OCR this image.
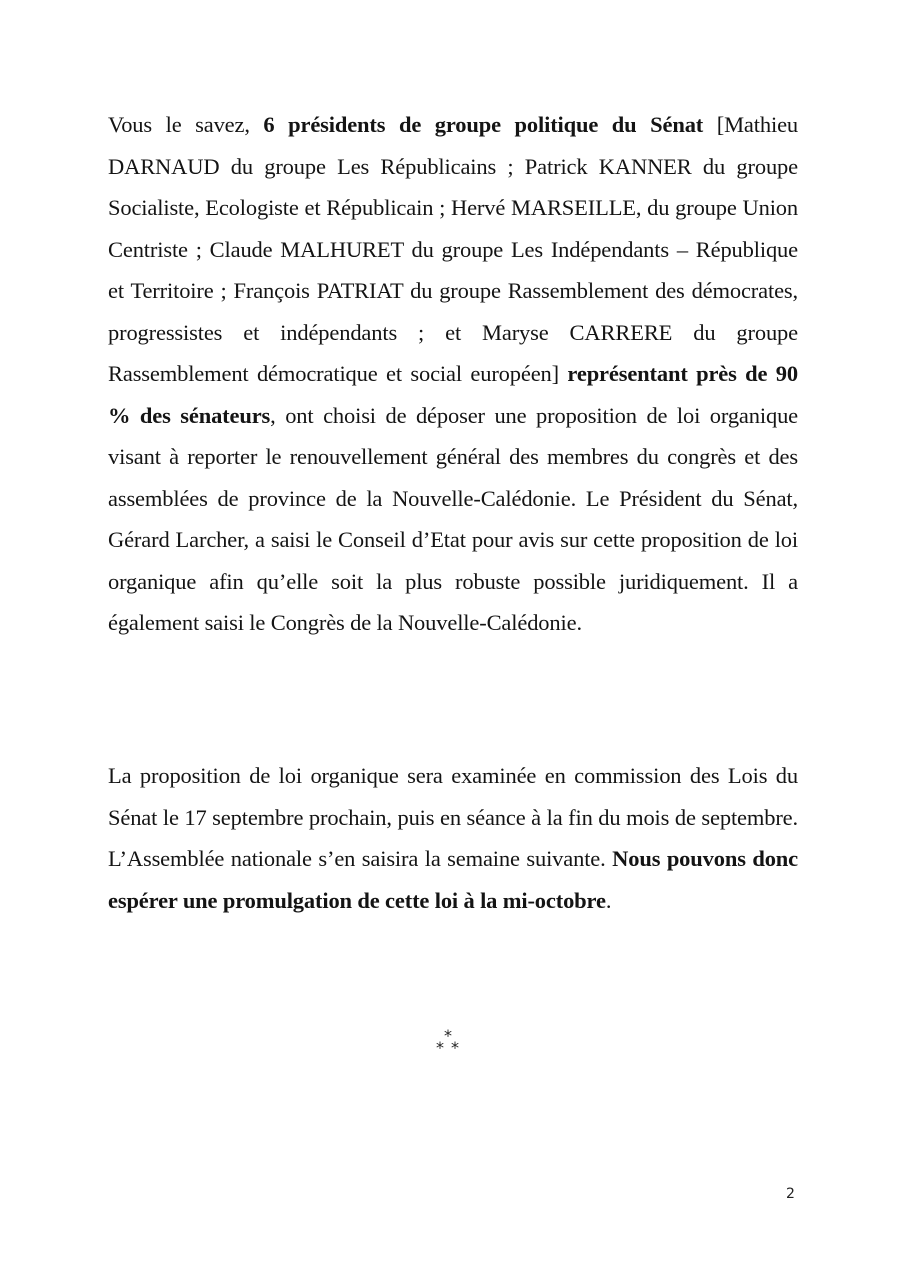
Vous le savez, 6 présidents de groupe politique du Sénat [Mathieu DARNAUD du groupe Les Républicains ; Patrick KANNER du groupe Socialiste, Ecologiste et Républicain ; Hervé MARSEILLE, du groupe Union Centriste ; Claude MALHURET du groupe Les Indépendants – République et Territoire ; François PATRIAT du groupe Rassemblement des démocrates, progressistes et indépendants ; et Maryse CARRERE du groupe Rassemblement démocratique et social européen] représentant près de 90 % des sénateurs, ont choisi de déposer une proposition de loi organique visant à reporter le renouvellement général des membres du congrès et des assemblées de province de la Nouvelle-Calédonie. Le Président du Sénat, Gérard Larcher, a saisi le Conseil d’Etat pour avis sur cette proposition de loi organique afin qu’elle soit la plus robuste possible juridiquement. Il a également saisi le Congrès de la Nouvelle-Calédonie.

La proposition de loi organique sera examinée en commission des Lois du Sénat le 17 septembre prochain, puis en séance à la fin du mois de septembre. L’Assemblée nationale s’en saisira la semaine suivante. Nous pouvons donc espérer une promulgation de cette loi à la mi-octobre.

*
* *
2
